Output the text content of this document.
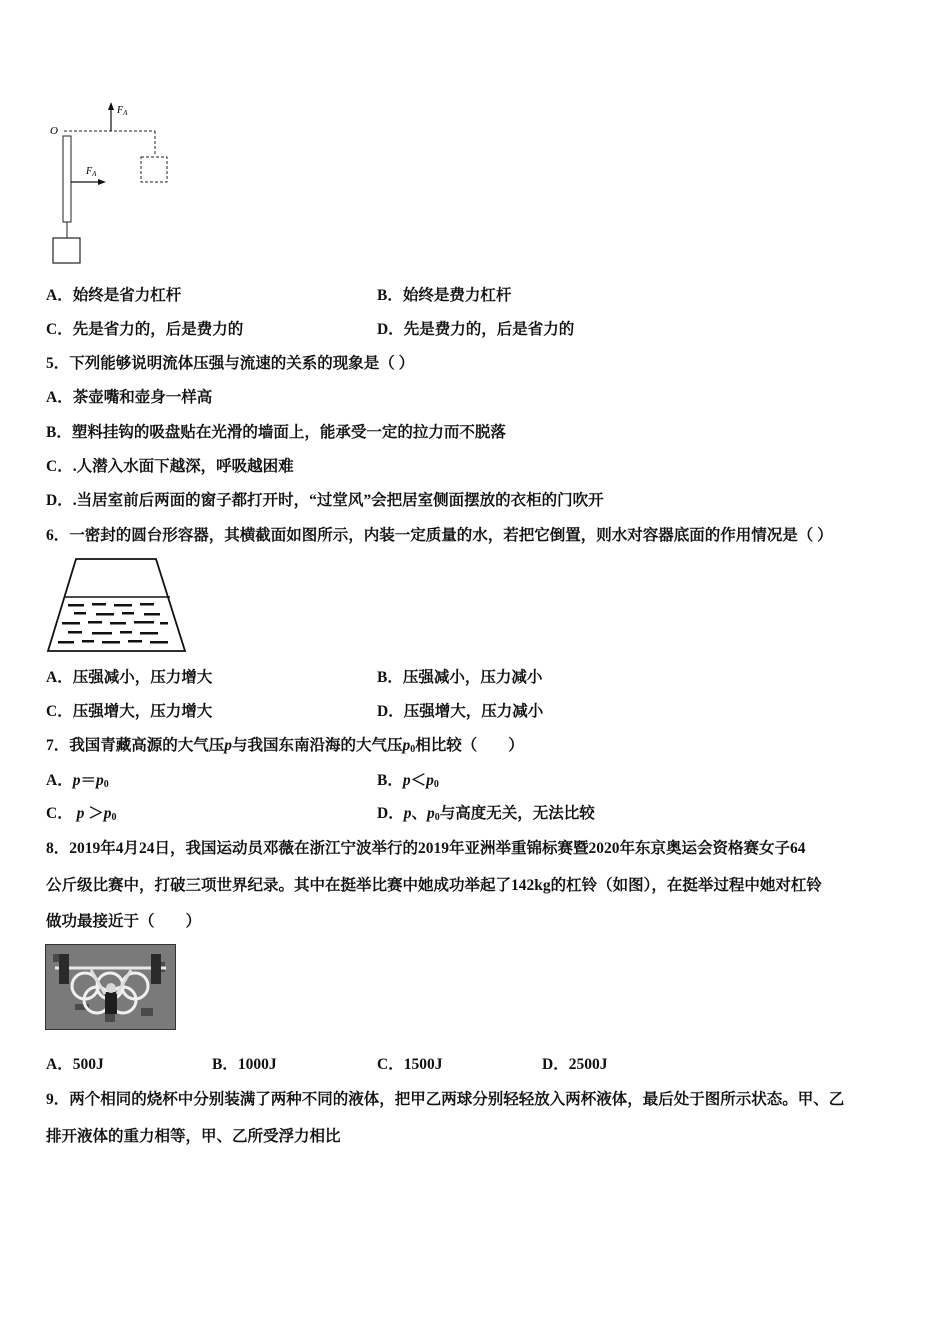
O
$F_A$
$F_A$
A．始终是省力杠杆	B．始终是费力杠杆
C．先是省力的，后是费力的	D．先是费力的，后是省力的
5．下列能够说明流体压强与流速的关系的现象是（ ）
A．茶壶嘴和壶身一样高
B．塑料挂钩的吸盘贴在光滑的墙面上，能承受一定的拉力而不脱落
C．.人潜入水面下越深，呼吸越困难
D．.当居室前后两面的窗子都打开时，“过堂风”会把居室侧面摆放的衣柜的门吹开
6．一密封的圆台形容器，其横截面如图所示，内装一定质量的水，若把它倒置，则水对容器底面的作用情况是（ ）
A．压强减小，压力增大	B．压强减小，压力减小
C．压强增大，压力增大	D．压强增大，压力减小
7．我国青藏高源的大气压p与我国东南沿海的大气压$p_0$相比较（　　）
A．$p=p_0$	B．$p<p_0$
C． $p >p_0$	D．p、$p_0$与高度无关，无法比较
8．2019年4月24日，我国运动员邓薇在浙江宁波举行的2019年亚洲举重锦标赛暨2020年东京奥运会资格赛女子64
公斤级比赛中，打破三项世界纪录。其中在挺举比赛中她成功举起了142kg的杠铃（如图），在挺举过程中她对杠铃
做功最接近于（　　）
A．500J	B．1000J	C．1500J	D．2500J
9．两个相同的烧杯中分别装满了两种不同的液体，把甲乙两球分别轻轻放入两杯液体，最后处于图所示状态。甲、乙
排开液体的重力相等，甲、乙所受浮力相比
